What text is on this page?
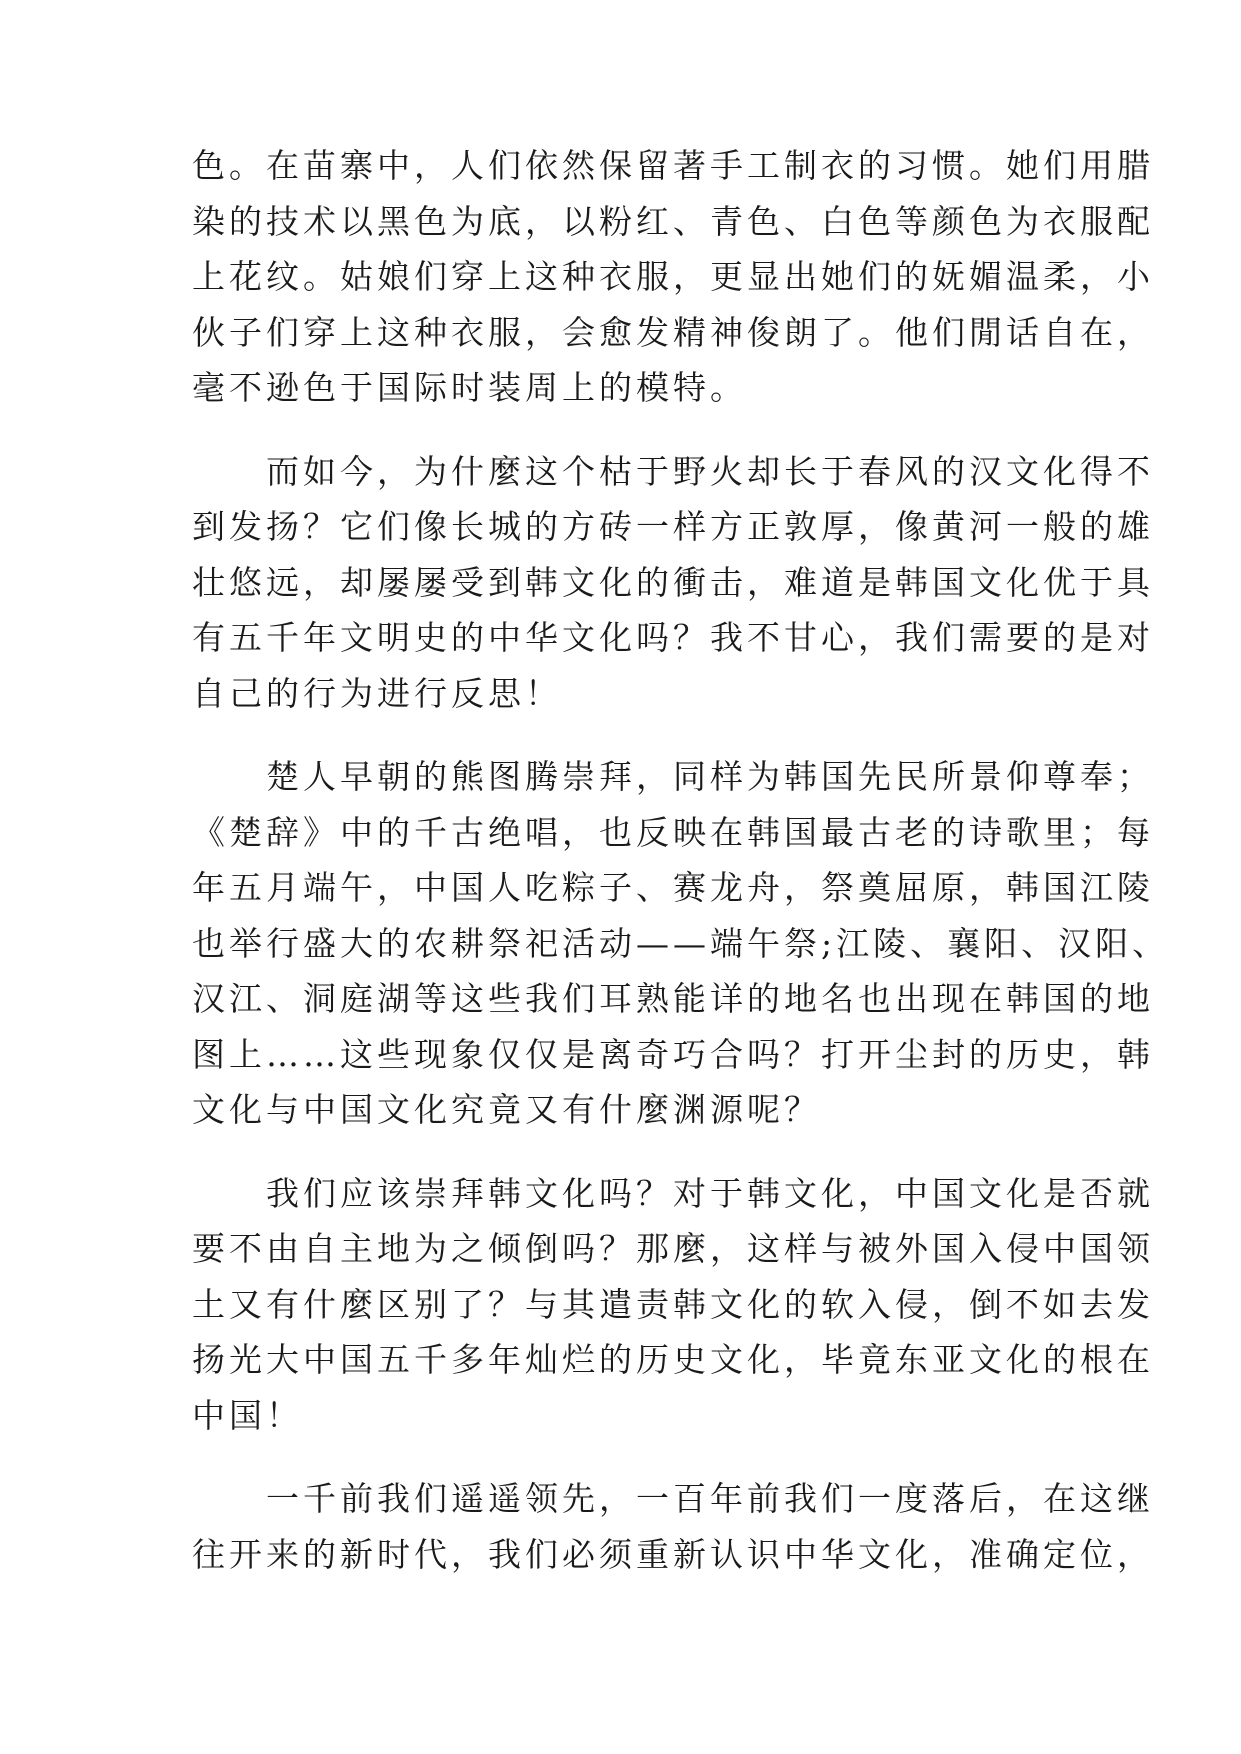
色。在苗寨中，人们依然保留著手工制衣的习惯。她们用腊

染的技术以黑色为底，以粉红、青色、白色等颜色为衣服配

上花纹。姑娘们穿上这种衣服，更显出她们的妩媚温柔，小

伙子们穿上这种衣服，会愈发精神俊朗了。他们閒话自在，

毫不逊色于国际时装周上的模特。

　　而如今，为什麼这个枯于野火却长于春风的汉文化得不

到发扬？它们像长城的方砖一样方正敦厚，像黄河一般的雄

壮悠远，却屡屡受到韩文化的衝击，难道是韩国文化优于具

有五千年文明史的中华文化吗？我不甘心，我们需要的是对

自己的行为进行反思！

　　楚人早朝的熊图腾崇拜，同样为韩国先民所景仰尊奉；

《楚辞》中的千古绝唱，也反映在韩国最古老的诗歌里；每

年五月端午，中国人吃粽子、赛龙舟，祭奠屈原，韩国江陵

也举行盛大的农耕祭祀活动——端午祭;江陵、襄阳、汉阳、

汉江、洞庭湖等这些我们耳熟能详的地名也出现在韩国的地

图上……这些现象仅仅是离奇巧合吗？打开尘封的历史，韩

文化与中国文化究竟又有什麼渊源呢？

　　我们应该崇拜韩文化吗？对于韩文化，中国文化是否就

要不由自主地为之倾倒吗？那麼，这样与被外国入侵中国领

土又有什麼区别了？与其遣责韩文化的软入侵，倒不如去发

扬光大中国五千多年灿烂的历史文化，毕竟东亚文化的根在

中国！

　　一千前我们遥遥领先，一百年前我们一度落后，在这继

往开来的新时代，我们必须重新认识中华文化，准确定位，
